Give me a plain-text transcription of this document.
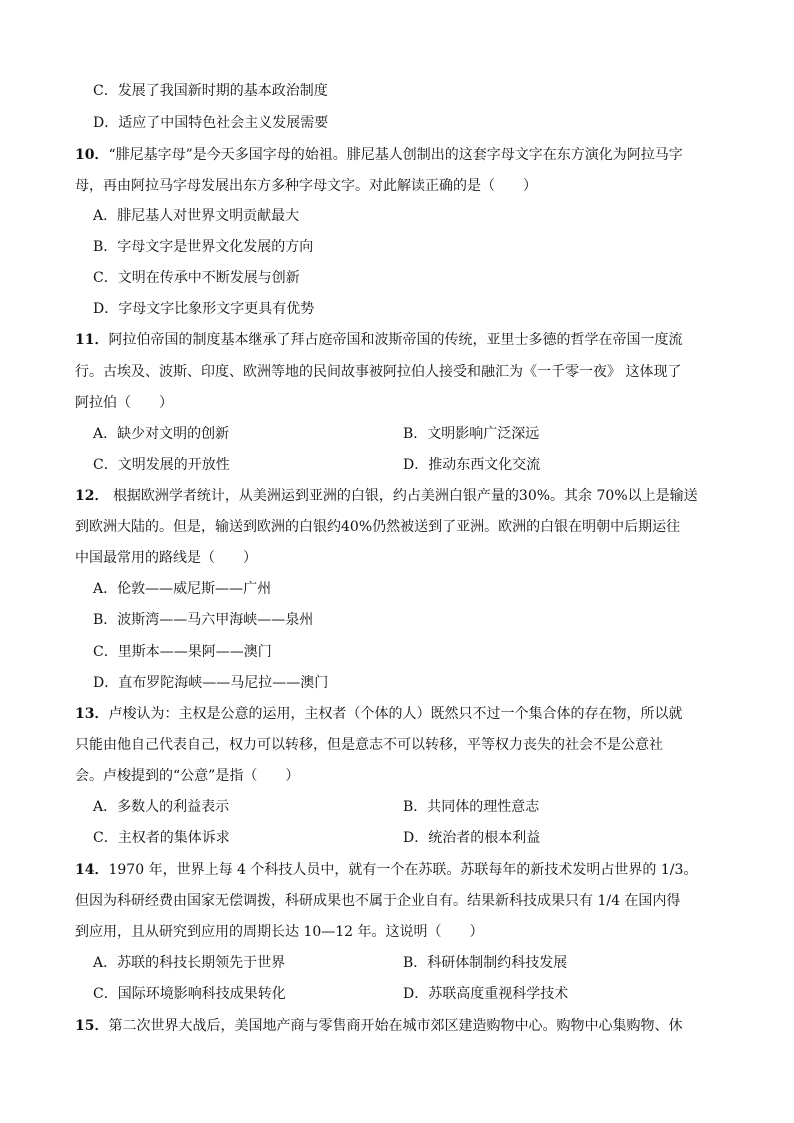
C．发展了我国新时期的基本政治制度
D．适应了中国特色社会主义发展需要
10．“腓尼基字母”是今天多国字母的始祖。腓尼基人创制出的这套字母文字在东方演化为阿拉马字
母，再由阿拉马字母发展出东方多种字母文字。对此解读正确的是（　　）
A．腓尼基人对世界文明贡献最大
B．字母文字是世界文化发展的方向
C．文明在传承中不断发展与创新
D．字母文字比象形文字更具有优势
11．阿拉伯帝国的制度基本继承了拜占庭帝国和波斯帝国的传统，亚里士多德的哲学在帝国一度流
行。古埃及、波斯、印度、欧洲等地的民间故事被阿拉伯人接受和融汇为《一千零一夜》 这体现了
阿拉伯（　　）
A．缺少对文明的创新	B．文明影响广泛深远
C．文明发展的开放性	D．推动东西文化交流
12． 根据欧洲学者统计，从美洲运到亚洲的白银，约占美洲白银产量的30%。其余 70%以上是输送
到欧洲大陆的。但是，输送到欧洲的白银约40%仍然被送到了亚洲。欧洲的白银在明朝中后期运往
中国最常用的路线是（　　）
A．伦敦——威尼斯——广州
B．波斯湾——马六甲海峡——泉州
C．里斯本——果阿——澳门
D．直布罗陀海峡——马尼拉——澳门
13．卢梭认为：主权是公意的运用，主权者（个体的人）既然只不过一个集合体的存在物，所以就
只能由他自己代表自己，权力可以转移，但是意志不可以转移，平等权力丧失的社会不是公意社
会。卢梭提到的“公意”是指（　　）
A．多数人的利益表示	B．共同体的理性意志
C．主权者的集体诉求	D．统治者的根本利益
14．1970 年，世界上每 4 个科技人员中，就有一个在苏联。苏联每年的新技术发明占世界的 1/3。
但因为科研经费由国家无偿调拨，科研成果也不属于企业自有。结果新科技成果只有 1/4 在国内得
到应用，且从研究到应用的周期长达 10—12 年。这说明（　　）
A．苏联的科技长期领先于世界	B．科研体制制约科技发展
C．国际环境影响科技成果转化	D．苏联高度重视科学技术
15．第二次世界大战后，美国地产商与零售商开始在城市郊区建造购物中心。购物中心集购物、休
